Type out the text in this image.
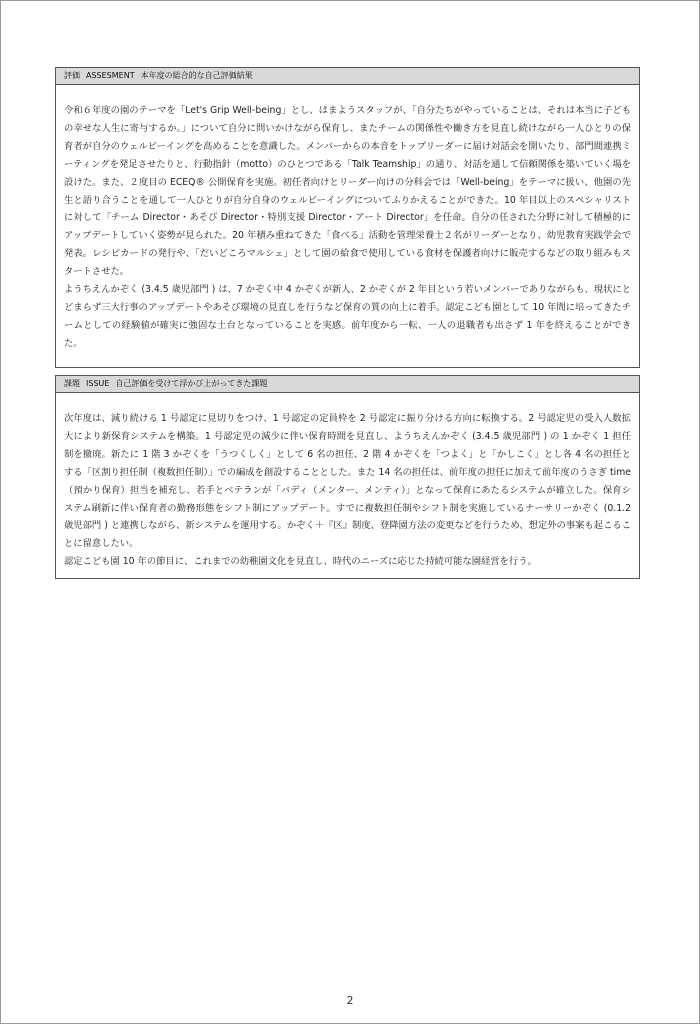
評価 ASSESMENT 本年度の総合的な自己評価結果

令和６年度の園のテーマを「Let's Grip Well-being」とし、はまようスタッフが、「自分たちがやっていることは、それは本当に子どもの幸せな人生に寄与するか。」について自分に問いかけながら保育し、またチームの関係性や働き方を見直し続けながら一人ひとりの保育者が自分のウェルビーイングを高めることを意識した。メンバーからの本音をトップリーダーに届け対話会を開いたり、部門間連携ミーティングを発足させたりと、行動指針（motto）のひとつである「Talk Teamship」の通り、対話を通して信頼関係を築いていく場を設けた。また、２度目の ECEQ® 公開保育を実施。初任者向けとリーダー向けの分科会では「Well-being」をテーマに扱い、他園の先生と語り合うことを通して一人ひとりが自分自身のウェルビーイングについてふりかえることができた。10 年目以上のスペシャリストに対して「チーム Director・あそび Director・特別支援 Director・アート Director」を任命。自分の任された分野に対して積極的にアップデートしていく姿勢が見られた。20 年積み重ねてきた「食べる」活動を管理栄養士２名がリーダーとなり、幼児教育実践学会で発表。レシピカードの発行や、「だいどころマルシェ」として園の給食で使用している食材を保護者向けに販売するなどの取り組みもスタートさせた。

ようちえんかぞく (3.4.5 歳児部門 ) は、7 かぞく中 4 かぞくが新人、2 かぞくが 2 年目という若いメンバーでありながらも、現状にとどまらず三大行事のアップデートやあそび環境の見直しを行うなど保育の質の向上に着手。認定こども園として 10 年間に培ってきたチームとしての経験値が確実に強固な土台となっていることを実感。前年度から一転、一人の退職者も出さず 1 年を終えることができた。

課題 ISSUE 自己評価を受けて浮かび上がってきた課題

次年度は、減り続ける 1 号認定に見切りをつけ、1 号認定の定員枠を 2 号認定に振り分ける方向に転換する。2 号認定児の受入人数拡大により新保育システムを構築。1 号認定児の減少に伴い保育時間を見直し、ようちえんかぞく (3.4.5 歳児部門 ) の 1 かぞく 1 担任制を撤廃。新たに 1 階 3 かぞくを「うつくしく」として 6 名の担任、2 階 4 かぞくを「つよく」と「かしこく」とし各 4 名の担任とする「区割り担任制（複数担任制）」での編成を創設することとした。また 14 名の担任は、前年度の担任に加えて前年度のうさぎ time（預かり保育）担当を補充し、若手とベテランが「バディ（メンター、メンティ）」となって保育にあたるシステムが確立した。保育システム刷新に伴い保育者の勤務形態をシフト制にアップデート。すでに複数担任制やシフト制を実施しているナーサリーかぞく (0.1.2 歳児部門 ) と連携しながら、新システムを運用する。かぞく＋『区』制度、登降園方法の変更などを行うため、想定外の事案も起こることに留意したい。

認定こども園 10 年の節目に、これまでの幼稚園文化を見直し、時代のニーズに応じた持続可能な園経営を行う。

2
